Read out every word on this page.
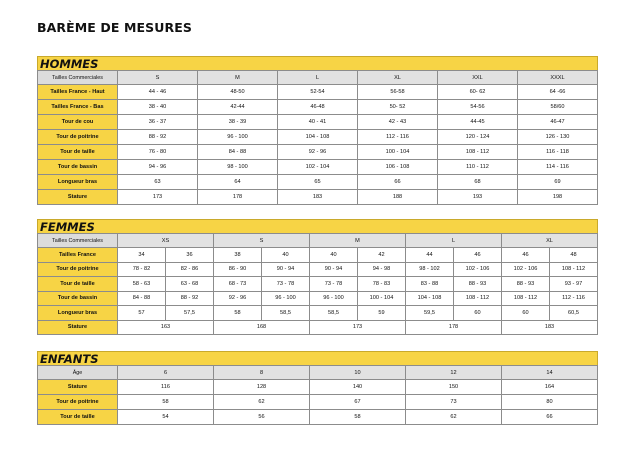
BARÈME DE MESURES
HOMMES
Tailles Commerciales	S	M	L	XL	XXL	XXXL
Tailles France - Haut	44 - 46	48-50	52-54	56-58	60- 62	64 -66
Tailles France - Bas	38 - 40	42-44	46-48	50- 52	54-56	58/60
Tour de cou	36 - 37	38 - 39	40 - 41	42 - 43	44-45	46-47
Tour de poitrine	88 - 92	96 - 100	104 - 108	112 - 116	120 - 124	126 - 130
Tour de taille	76 - 80	84 - 88	92 - 96	100 - 104	108 - 112	116 - 118
Tour de bassin	94 - 96	98 - 100	102 - 104	106 - 108	110 - 112	114 - 116
Longueur bras	63	64	65	66	68	69
Stature	173	178	183	188	193	198
FEMMES
Tailles Commerciales	XS		S		M		L		XL	
Tailles France	34	36	38	40	40	42	44	46	46	48
Tour de poitrine	78 - 82	82 - 86	86 - 90	90 - 94	90 - 94	94 - 98	98 - 102	102 - 106	102 - 106	108 - 112
Tour de taille	58 - 63	63 - 68	68 - 73	73 - 78	73 - 78	78 - 83	83 - 88	88 - 93	88 - 93	93 - 97
Tour de bassin	84 - 88	88 - 92	92 - 96	96 - 100	96 - 100	100 - 104	104 - 108	108 - 112	108 - 112	112 - 116
Longueur bras	57	57,5	58	58,5	58,5	59	59,5	60	60	60,5
Stature	163		168		173		178		183	
ENFANTS
Âge	6	8	10	12	14
Stature	116	128	140	150	164
Tour de poitrine	58	62	67	73	80
Tour de taille	54	56	58	62	66
